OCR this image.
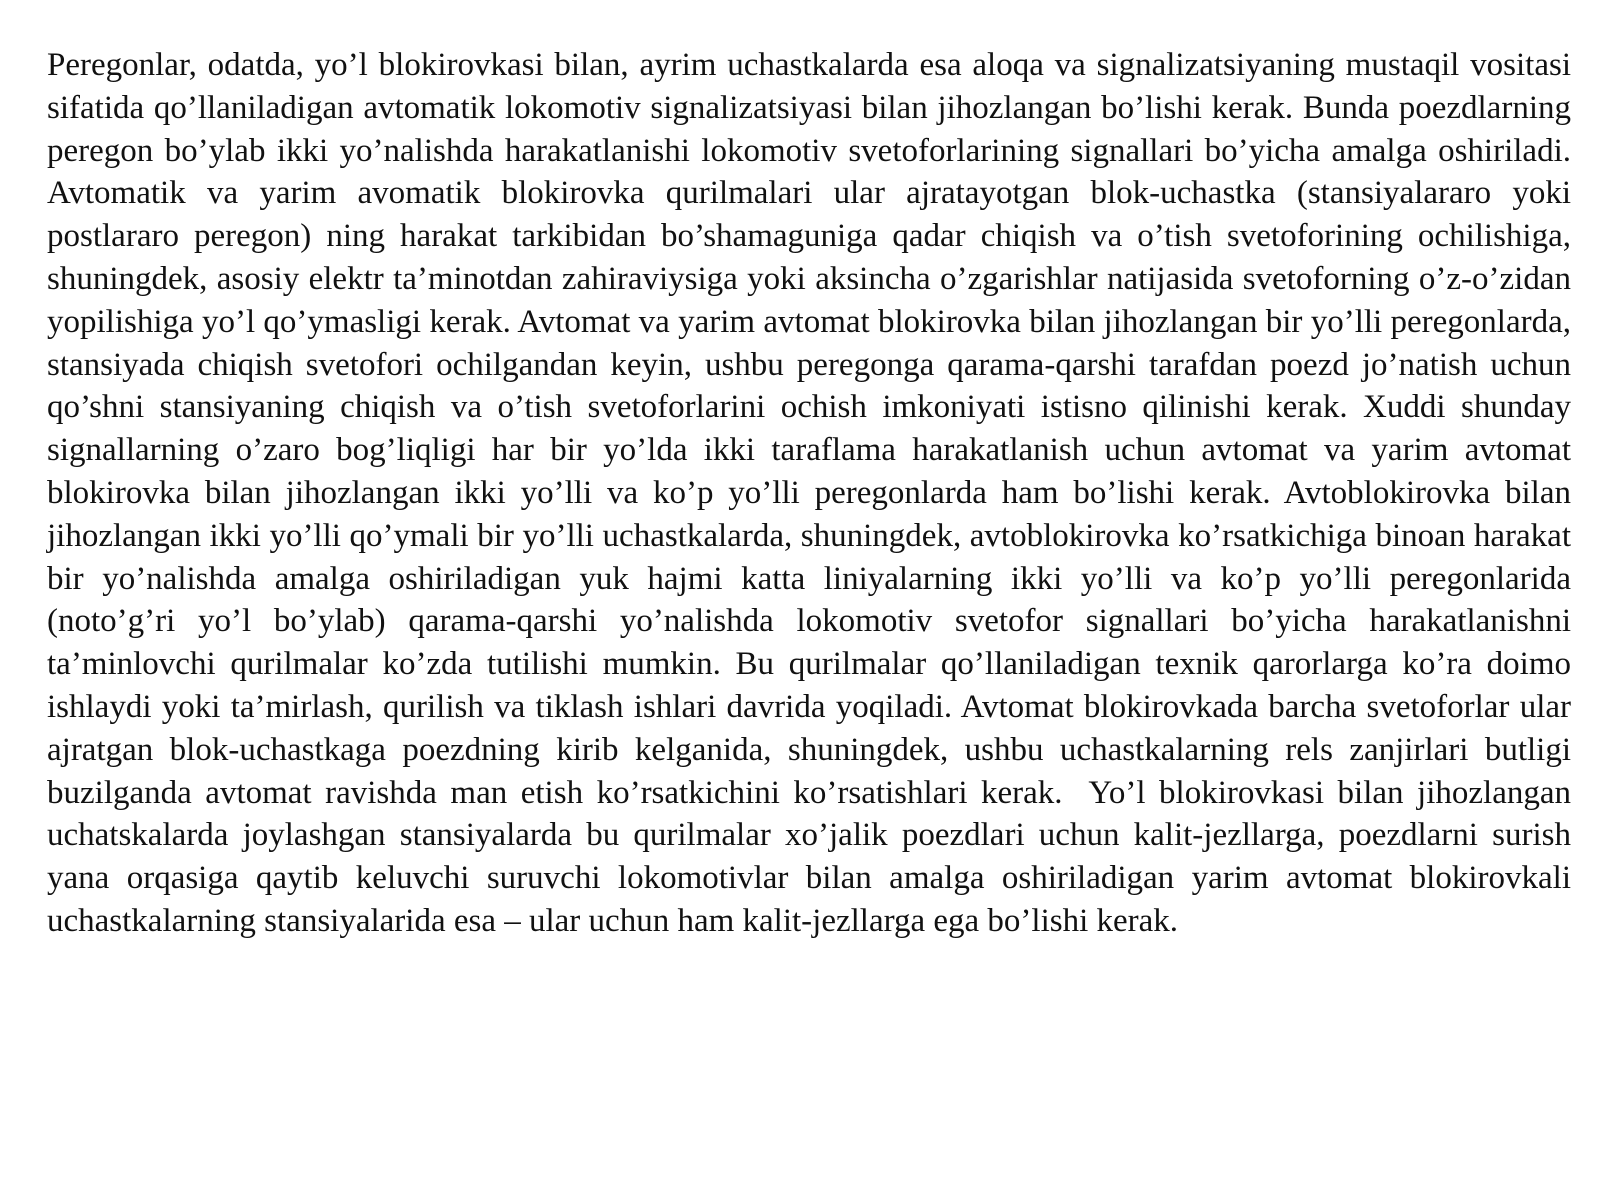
Peregonlar, odatda, yo’l blokirovkasi bilan, ayrim uchastkalarda esa aloqa va signalizatsiyaning mustaqil vositasi sifatida qo’llaniladigan avtomatik lokomotiv signalizatsiyasi bilan jihozlangan bo’lishi kerak. Bunda poezdlarning peregon bo’ylab ikki yo’nalishda harakatlanishi lokomotiv svetoforlarining signallari bo’yicha amalga oshiriladi. Avtomatik va yarim avomatik blokirovka qurilmalari ular ajratayotgan blok-uchastka (stansiyalararo yoki postlararo peregon) ning harakat tarkibidan bo’shamaguniga qadar chiqish va o’tish svetoforining ochilishiga, shuningdek, asosiy elektr ta’minotdan zahiraviysiga yoki aksincha o’zgarishlar natijasida svetoforning o’z-o’zidan yopilishiga yo’l qo’ymasligi kerak. Avtomat va yarim avtomat blokirovka bilan jihozlangan bir yo’lli peregonlarda, stansiyada chiqish svetofori ochilgandan keyin, ushbu peregonga qarama-qarshi tarafdan poezd jo’natish uchun qo’shni stansiyaning chiqish va o’tish svetoforlarini ochish imkoniyati istisno qilinishi kerak. Xuddi shunday signallarning o’zaro bog’liqligi har bir yo’lda ikki taraflama harakatlanish uchun avtomat va yarim avtomat blokirovka bilan jihozlangan ikki yo’lli va ko’p yo’lli peregonlarda ham bo’lishi kerak. Avtoblokirovka bilan jihozlangan ikki yo’lli qo’ymali bir yo’lli uchastkalarda, shuningdek, avtoblokirovka ko’rsatkichiga binoan harakat bir yo’nalishda amalga oshiriladigan yuk hajmi katta liniyalarning ikki yo’lli va ko’p yo’lli peregonlarida (noto’g’ri yo’l bo’ylab) qarama-qarshi yo’nalishda lokomotiv svetofor signallari bo’yicha harakatlanishni ta’minlovchi qurilmalar ko’zda tutilishi mumkin. Bu qurilmalar qo’llaniladigan texnik qarorlarga ko’ra doimo ishlaydi yoki ta’mirlash, qurilish va tiklash ishlari davrida yoqiladi. Avtomat blokirovkada barcha svetoforlar ular ajratgan blok-uchastkaga poezdning kirib kelganida, shuningdek, ushbu uchastkalarning rels zanjirlari butligi buzilganda avtomat ravishda man etish ko’rsatkichini ko’rsatishlari kerak.  Yo’l blokirovkasi bilan jihozlangan uchatskalarda joylashgan stansiyalarda bu qurilmalar xo’jalik poezdlari uchun kalit-jezllarga, poezdlarni surish yana orqasiga qaytib keluvchi suruvchi lokomotivlar bilan amalga oshiriladigan yarim avtomat blokirovkali uchastkalarning stansiyalarida esa – ular uchun ham kalit-jezllarga ega bo’lishi kerak.
